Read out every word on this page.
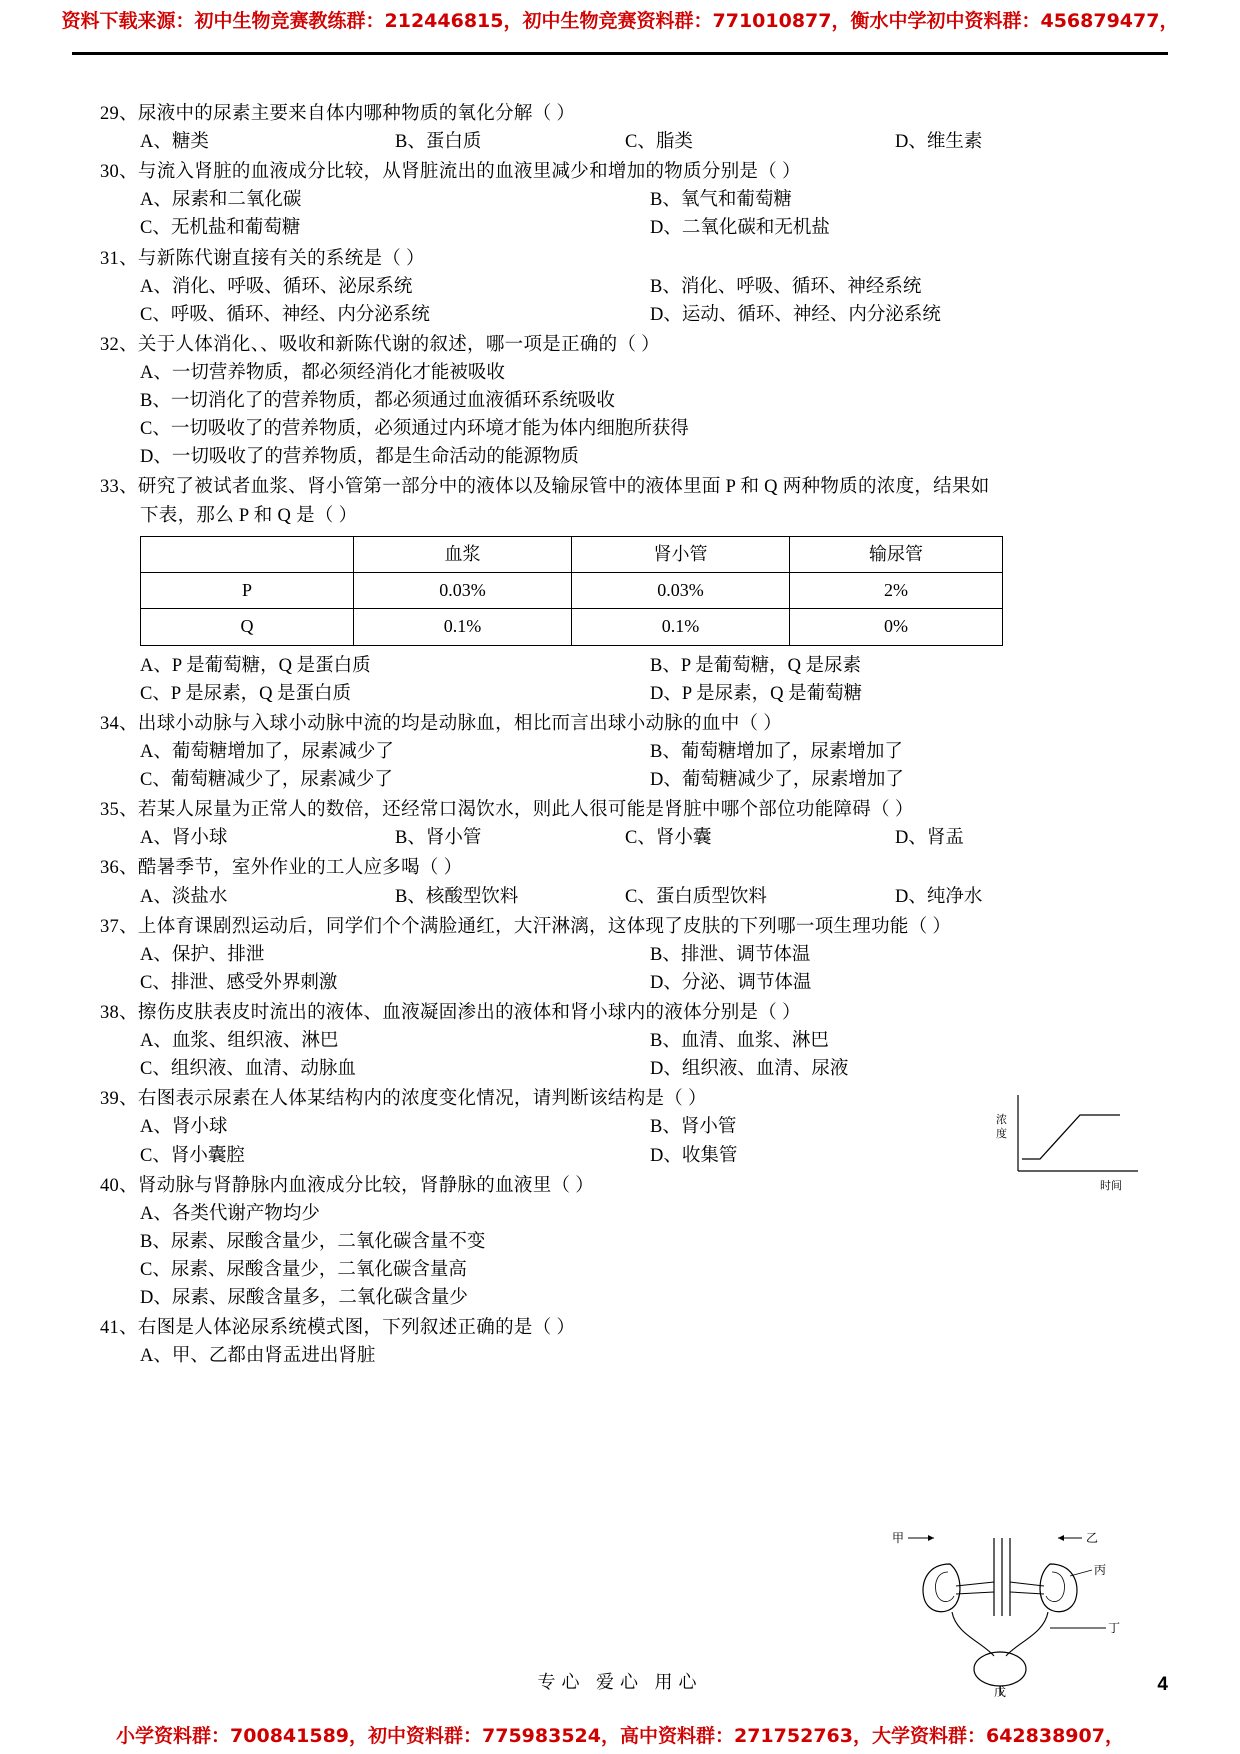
资料下载来源：初中生物竞赛教练群：212446815，初中生物竞赛资料群：771010877，衡水中学初中资料群：456879477，
29、尿液中的尿素主要来自体内哪种物质的氧化分解（ ）
A、糖类	B、蛋白质	C、脂类	D、维生素
30、与流入肾脏的血液成分比较，从肾脏流出的血液里减少和增加的物质分别是（ ）
A、尿素和二氧化碳	B、氧气和葡萄糖
C、无机盐和葡萄糖	D、二氧化碳和无机盐
31、与新陈代谢直接有关的系统是（ ）
A、消化、呼吸、循环、泌尿系统	B、消化、呼吸、循环、神经系统
C、呼吸、循环、神经、内分泌系统	D、运动、循环、神经、内分泌系统
32、关于人体消化、、吸收和新陈代谢的叙述，哪一项是正确的（ ）
A、一切营养物质，都必须经消化才能被吸收
B、一切消化了的营养物质，都必须通过血液循环系统吸收
C、一切吸收了的营养物质，必须通过内环境才能为体内细胞所获得
D、一切吸收了的营养物质，都是生命活动的能源物质
33、研究了被试者血浆、肾小管第一部分中的液体以及输尿管中的液体里面 P 和 Q 两种物质的浓度，结果如
下表，那么 P 和 Q 是（ ）
	血浆	肾小管	输尿管
P	0.03%	0.03%	2%
Q	0.1%	0.1%	0%
A、P 是葡萄糖，Q 是蛋白质	B、P 是葡萄糖，Q 是尿素
C、P 是尿素，Q 是蛋白质	D、P 是尿素，Q 是葡萄糖
34、出球小动脉与入球小动脉中流的均是动脉血，相比而言出球小动脉的血中（ ）
A、葡萄糖增加了，尿素减少了	B、葡萄糖增加了，尿素增加了
C、葡萄糖减少了，尿素减少了	D、葡萄糖减少了，尿素增加了
35、若某人尿量为正常人的数倍，还经常口渴饮水，则此人很可能是肾脏中哪个部位功能障碍（ ）
A、肾小球	B、肾小管	C、肾小囊	D、肾盂
36、酷暑季节，室外作业的工人应多喝（ ）
A、淡盐水	B、核酸型饮料	C、蛋白质型饮料	D、纯净水
37、上体育课剧烈运动后，同学们个个满脸通红，大汗淋漓，这体现了皮肤的下列哪一项生理功能（ ）
A、保护、排泄	B、排泄、调节体温
C、排泄、感受外界刺激	D、分泌、调节体温
38、擦伤皮肤表皮时流出的液体、血液凝固渗出的液体和肾小球内的液体分别是（ ）
A、血浆、组织液、淋巴	B、血清、血浆、淋巴
C、组织液、血清、动脉血	D、组织液、血清、尿液
39、右图表示尿素在人体某结构内的浓度变化情况，请判断该结构是（ ）
A、肾小球	B、肾小管
C、肾小囊腔	D、收集管
浓
度
时间
40、肾动脉与肾静脉内血液成分比较，肾静脉的血液里（ ）
A、各类代谢产物均少
B、尿素、尿酸含量少，二氧化碳含量不变
C、尿素、尿酸含量少，二氧化碳含量高
D、尿素、尿酸含量多，二氧化碳含量少
41、右图是人体泌尿系统模式图，下列叙述正确的是（ ）
A、甲、乙都由肾盂进出肾脏
甲	乙
丙
丁
戊
专心 爱心 用心	4
小学资料群：700841589，初中资料群：775983524，高中资料群：271752763，大学资料群：642838907，
